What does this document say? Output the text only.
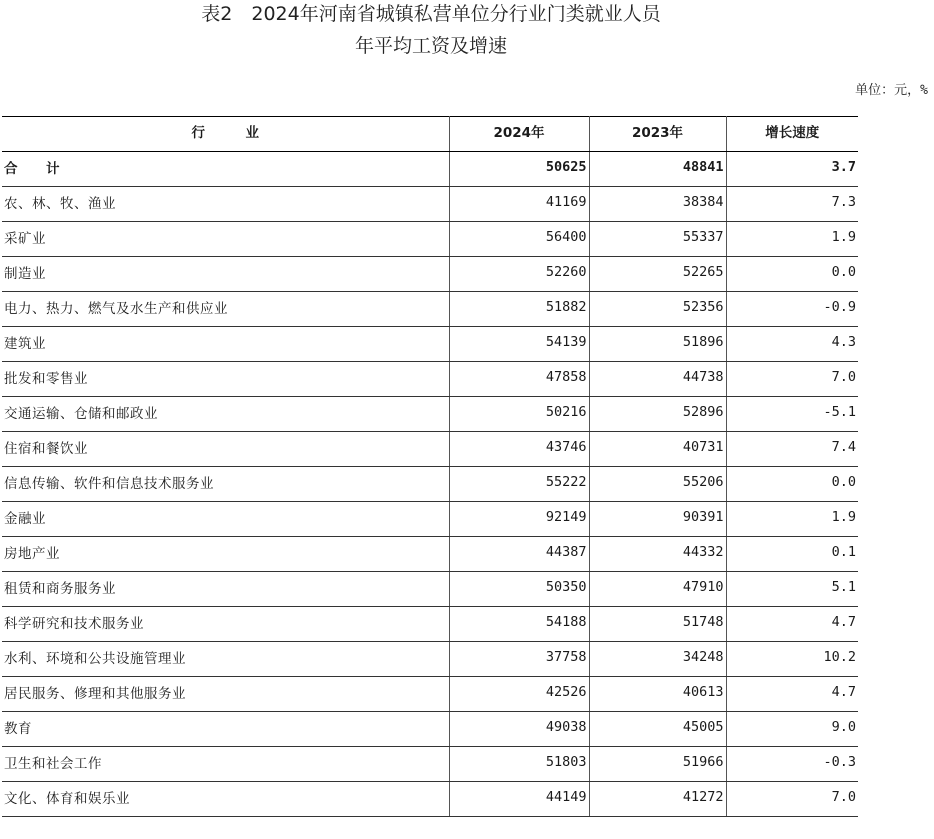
表2　2024年河南省城镇私营单位分行业门类就业人员
年平均工资及增速
单位：元，%
行　　　业	2024年	2023年	增长速度
合　　计	50625	48841	3.7
农、林、牧、渔业	41169	38384	7.3
采矿业	56400	55337	1.9
制造业	52260	52265	0.0
电力、热力、燃气及水生产和供应业	51882	52356	-0.9
建筑业	54139	51896	4.3
批发和零售业	47858	44738	7.0
交通运输、仓储和邮政业	50216	52896	-5.1
住宿和餐饮业	43746	40731	7.4
信息传输、软件和信息技术服务业	55222	55206	0.0
金融业	92149	90391	1.9
房地产业	44387	44332	0.1
租赁和商务服务业	50350	47910	5.1
科学研究和技术服务业	54188	51748	4.7
水利、环境和公共设施管理业	37758	34248	10.2
居民服务、修理和其他服务业	42526	40613	4.7
教育	49038	45005	9.0
卫生和社会工作	51803	51966	-0.3
文化、体育和娱乐业	44149	41272	7.0
